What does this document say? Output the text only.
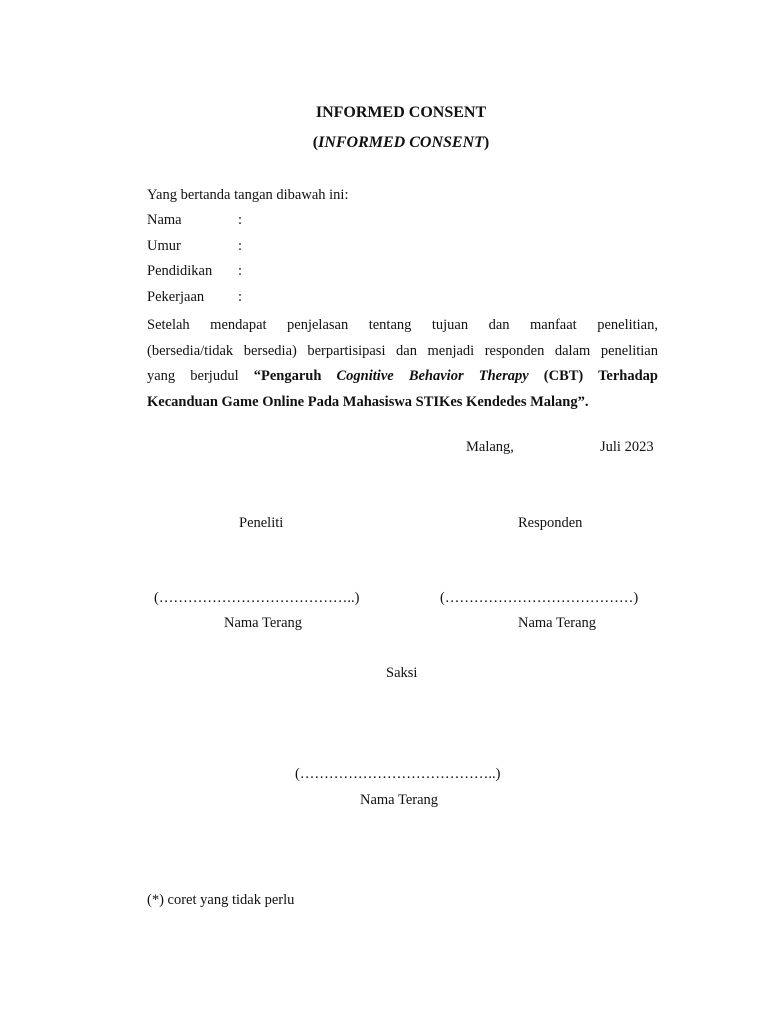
INFORMED CONSENT
(INFORMED CONSENT)
Yang bertanda tangan dibawah ini:
Nama	:
Umur	:
Pendidikan :
Pekerjaan :
Setelah mendapat penjelasan tentang tujuan dan manfaat penelitian,
(bersedia/tidak bersedia) berpartisipasi dan menjadi responden dalam penelitian
yang berjudul “Pengaruh Cognitive Behavior Therapy (CBT) Terhadap
Kecanduan Game Online Pada Mahasiswa STIKes Kendedes Malang”.
Malang,	Juli 2023
Peneliti	Responden
(…………………………………..)	(…………………………………)
Nama Terang	Nama Terang
Saksi
(…………………………………..)
Nama Terang
(*) coret yang tidak perlu
